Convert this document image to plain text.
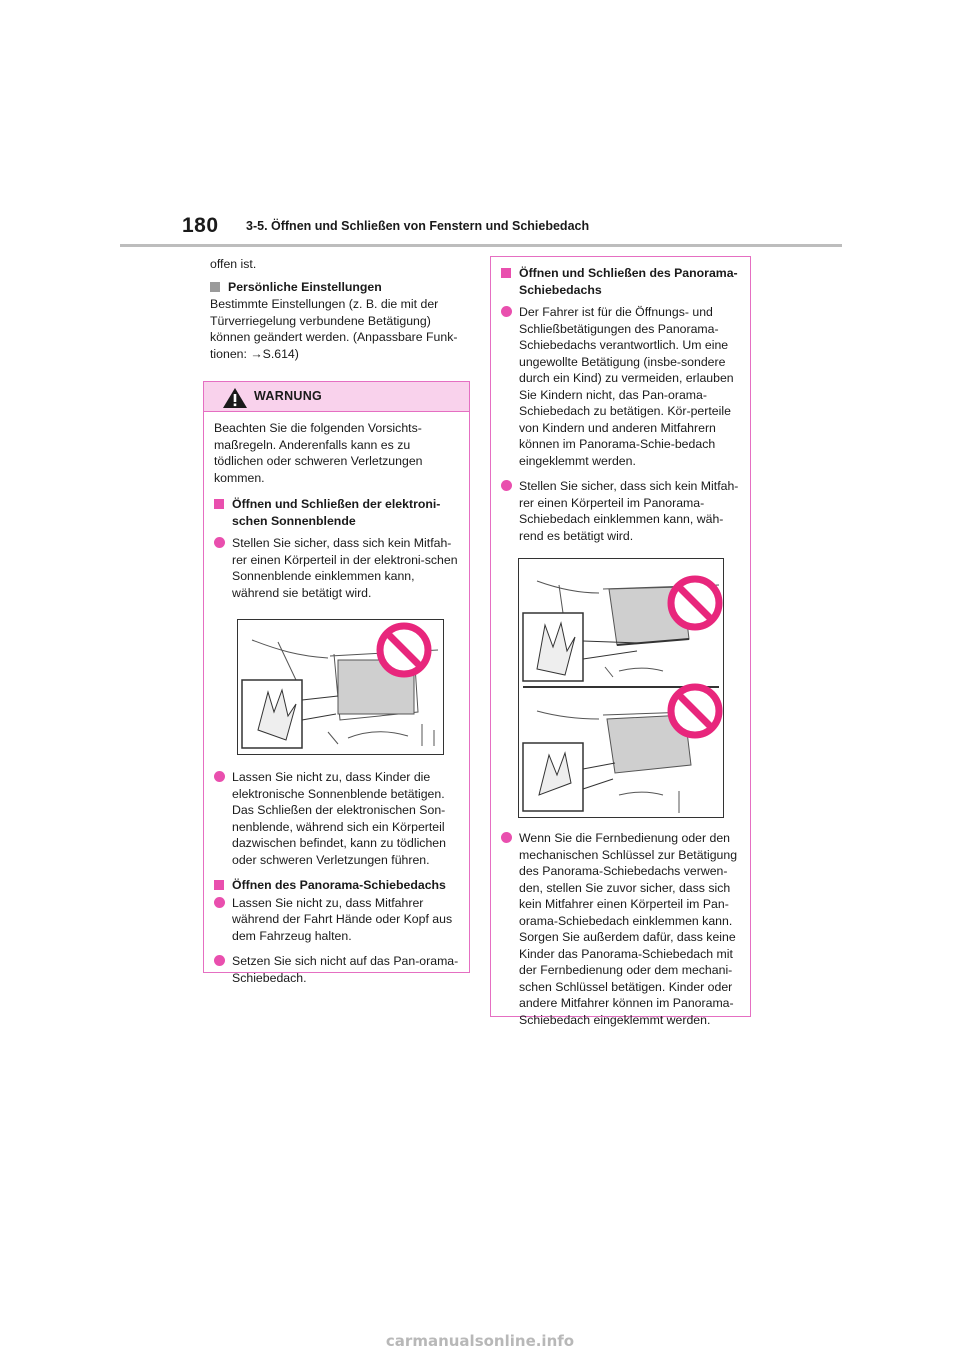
180 3-5. Öffnen und Schließen von Fenstern und Schiebedach

offen ist.

Persönliche Einstellungen

Bestimmte Einstellungen (z. B. die mit der Türverriegelung verbundene Betätigung) können geändert werden. (Anpassbare Funk-tionen: →S.614)

WARNUNG

Beachten Sie die folgenden Vorsichts-maßregeln. Anderenfalls kann es zu tödlichen oder schweren Verletzungen kommen.

Öffnen und Schließen der elektroni-schen Sonnenblende

Stellen Sie sicher, dass sich kein Mitfah-rer einen Körperteil in der elektroni-schen Sonnenblende einklemmen kann, während sie betätigt wird.

Lassen Sie nicht zu, dass Kinder die elektronische Sonnenblende betätigen. Das Schließen der elektronischen Son-nenblende, während sich ein Körperteil dazwischen befindet, kann zu tödlichen oder schweren Verletzungen führen.

Öffnen des Panorama-Schiebedachs

Lassen Sie nicht zu, dass Mitfahrer während der Fahrt Hände oder Kopf aus dem Fahrzeug halten.

Setzen Sie sich nicht auf das Pan-orama-Schiebedach.

Öffnen und Schließen des Panorama-Schiebedachs

Der Fahrer ist für die Öffnungs- und Schließbetätigungen des Panorama-Schiebedachs verantwortlich. Um eine ungewollte Betätigung (insbe-sondere durch ein Kind) zu vermeiden, erlauben Sie Kindern nicht, das Pan-orama-Schiebedach zu betätigen. Kör-perteile von Kindern und anderen Mitfahrern können im Panorama-Schie-bedach eingeklemmt werden.

Stellen Sie sicher, dass sich kein Mitfah-rer einen Körperteil im Panorama-Schiebedach einklemmen kann, wäh-rend es betätigt wird.

Wenn Sie die Fernbedienung oder den mechanischen Schlüssel zur Betätigung des Panorama-Schiebedachs verwen-den, stellen Sie zuvor sicher, dass sich kein Mitfahrer einen Körperteil im Pan-orama-Schiebedach einklemmen kann. Sorgen Sie außerdem dafür, dass keine Kinder das Panorama-Schiebedach mit der Fernbedienung oder dem mechani-schen Schlüssel betätigen. Kinder oder andere Mitfahrer können im Panorama-Schiebedach eingeklemmt werden.

carmanualsonline.info
